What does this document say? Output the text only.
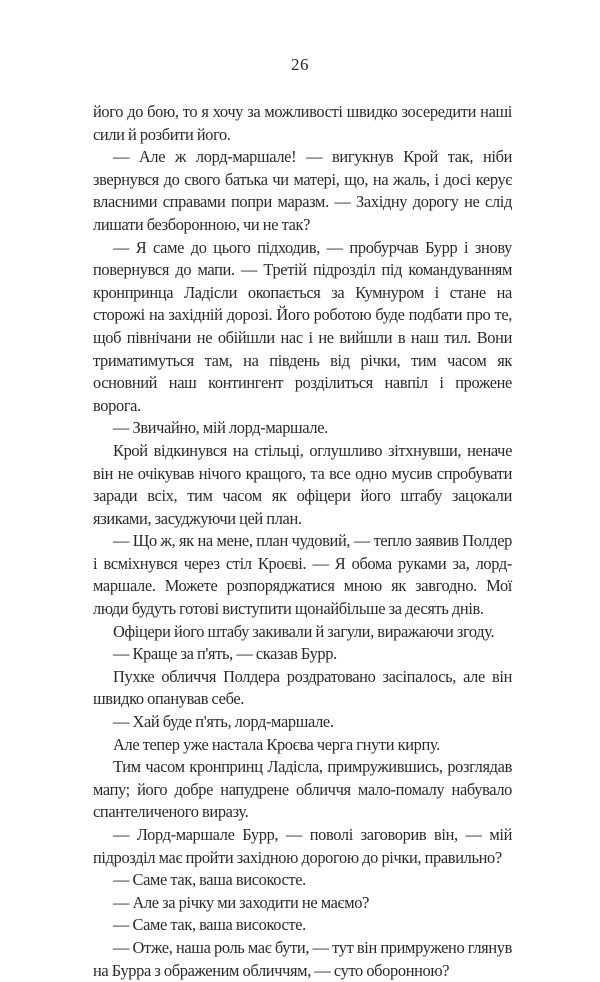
26

його до бою, то я хочу за можливості швидко зосередити наші сили й розбити його.

— Але ж лорд-маршале! — вигукнув Крой так, ніби звернувся до свого батька чи матері, що, на жаль, і досі керує власними справами попри маразм. — Західну дорогу не слід лишати безборонною, чи не так?

— Я саме до цього підходив, — пробурчав Бурр і знову повернувся до мапи. — Третій підрозділ під командуванням кронпринца Ладісли окопається за Кумнуром і стане на сторожі на західній дорозі. Його роботою буде подбати про те, щоб північани не обійшли нас і не вийшли в наш тил. Вони триматимуться там, на південь від річки, тим часом як основний наш контингент розділиться навпіл і прожене ворога.

— Звичайно, мій лорд-маршале.

Крой відкинувся на стільці, оглушливо зітхнувши, неначе він не очікував нічого кращого, та все одно мусив спробувати заради всіх, тим часом як офіцери його штабу зацокали язиками, засуджуючи цей план.

— Що ж, як на мене, план чудовий, — тепло заявив Полдер і всміхнувся через стіл Кроєві. — Я обома руками за, лорд-маршале. Можете розпоряджатися мною як завгодно. Мої люди будуть готові виступити щонайбільше за десять днів.

Офіцери його штабу закивали й загули, виражаючи згоду.

— Краще за п'ять, — сказав Бурр.

Пухке обличчя Полдера роздратовано засіпалось, але він швидко опанував себе.

— Хай буде п'ять, лорд-маршале.

Але тепер уже настала Кроєва черга гнути кирпу.

Тим часом кронпринц Ладісла, примружившись, розглядав мапу; його добре напудрене обличчя мало-помалу набувало спантеличеного виразу.

— Лорд-маршале Бурр, — поволі заговорив він, — мій підрозділ має пройти західною дорогою до річки, правильно?

— Саме так, ваша високосте.

— Але за річку ми заходити не маємо?

— Саме так, ваша високосте.

— Отже, наша роль має бути, — тут він примружено глянув на Бурра з ображеним обличчям, — суто оборонною?
